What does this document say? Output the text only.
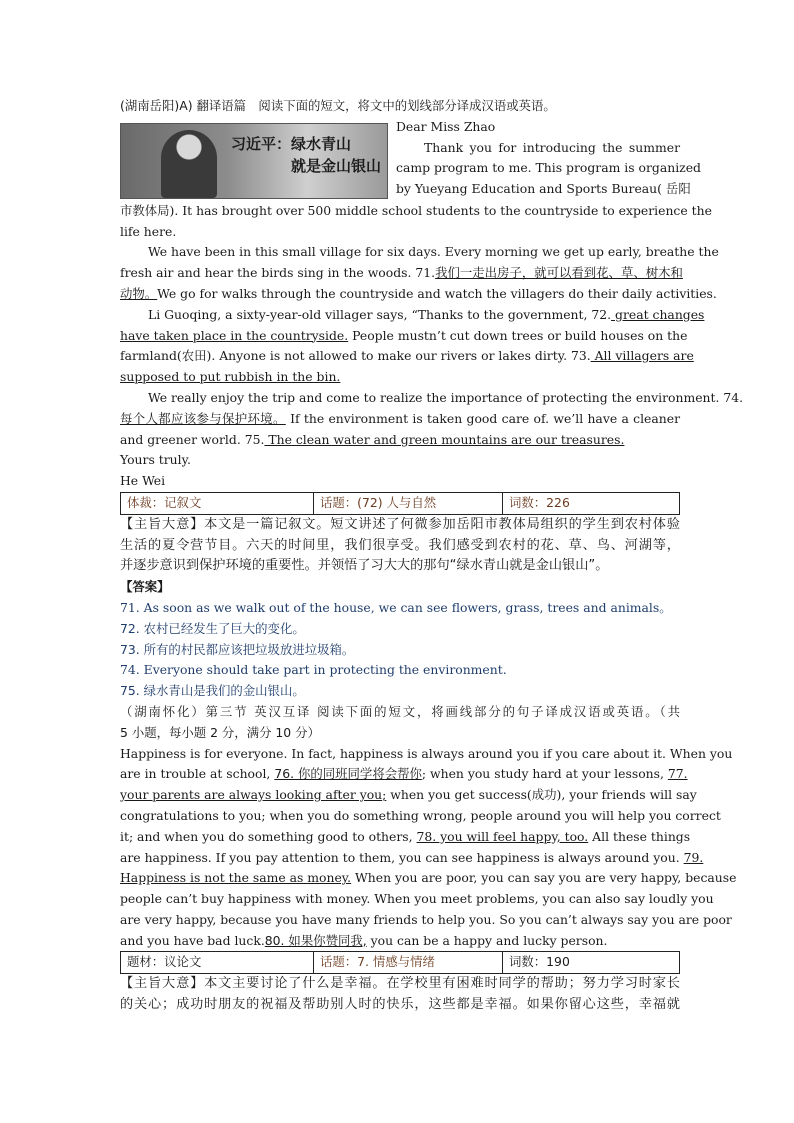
(湖南岳阳)A) 翻译语篇　阅读下面的短文，将文中的划线部分译成汉语或英语。
习近平：绿水青山
就是金山银山
Dear Miss Zhao
Thank you for introducing the summer
camp program to me. This program is organized
by Yueyang Education and Sports Bureau( 岳阳
市教体局). It has brought over 500 middle school students to the countryside to experience the
life here.
We have been in this small village for six days. Every morning we get up early, breathe the
fresh air and hear the birds sing in the woods. 71.我们一走出房子，就可以看到花、草、树木和
动物。We go for walks through the countryside and watch the villagers do their daily activities.
Li Guoqing, a sixty-year-old villager says, “Thanks to the government, 72. great changes
have taken place in the countryside. People mustn’t cut down trees or build houses on the
farmland(农田). Anyone is not allowed to make our rivers or lakes dirty. 73. All villagers are
supposed to put rubbish in the bin.
We really enjoy the trip and come to realize the importance of protecting the environment. 74.
每个人都应该参与保护环境。 If the environment is taken good care of. we’ll have a cleaner
and greener world. 75. The clean water and green mountains are our treasures.
Yours truly.
He Wei
体裁：记叙文	话题：(72) 人与自然	词数：226
【主旨大意】本文是一篇记叙文。短文讲述了何微参加岳阳市教体局组织的学生到农村体验
生活的夏令营节目。六天的时间里，我们很享受。我们感受到农村的花、草、鸟、河湖等，
并逐步意识到保护环境的重要性。并领悟了习大大的那句“绿水青山就是金山银山”。
【答案】
71. As soon as we walk out of the house, we can see flowers, grass, trees and animals。
72. 农村已经发生了巨大的变化。
73. 所有的村民都应该把垃圾放进垃圾箱。
74. Everyone should take part in protecting the environment.
75. 绿水青山是我们的金山银山。
（湖南怀化）第三节 英汉互译 阅读下面的短文，将画线部分的句子译成汉语或英语。（共
5 小题，每小题 2 分，满分 10 分）
Happiness is for everyone. In fact, happiness is always around you if you care about it. When you
are in trouble at school, 76. 你的同班同学将会帮你; when you study hard at your lessons, 77.
your parents are always looking after you; when you get success(成功), your friends will say
congratulations to you; when you do something wrong, people around you will help you correct
it; and when you do something good to others, 78. you will feel happy, too. All these things
are happiness. If you pay attention to them, you can see happiness is always around you. 79.
Happiness is not the same as money. When you are poor, you can say you are very happy, because
people can’t buy happiness with money. When you meet problems, you can also say loudly you
are very happy, because you have many friends to help you. So you can’t always say you are poor
and you have bad luck.80. 如果你赞同我, you can be a happy and lucky person.
题材：议论文	话题：7. 情感与情绪	词数：190
【主旨大意】本文主要讨论了什么是幸福。在学校里有困难时同学的帮助；努力学习时家长
的关心；成功时朋友的祝福及帮助别人时的快乐，这些都是幸福。如果你留心这些，幸福就
